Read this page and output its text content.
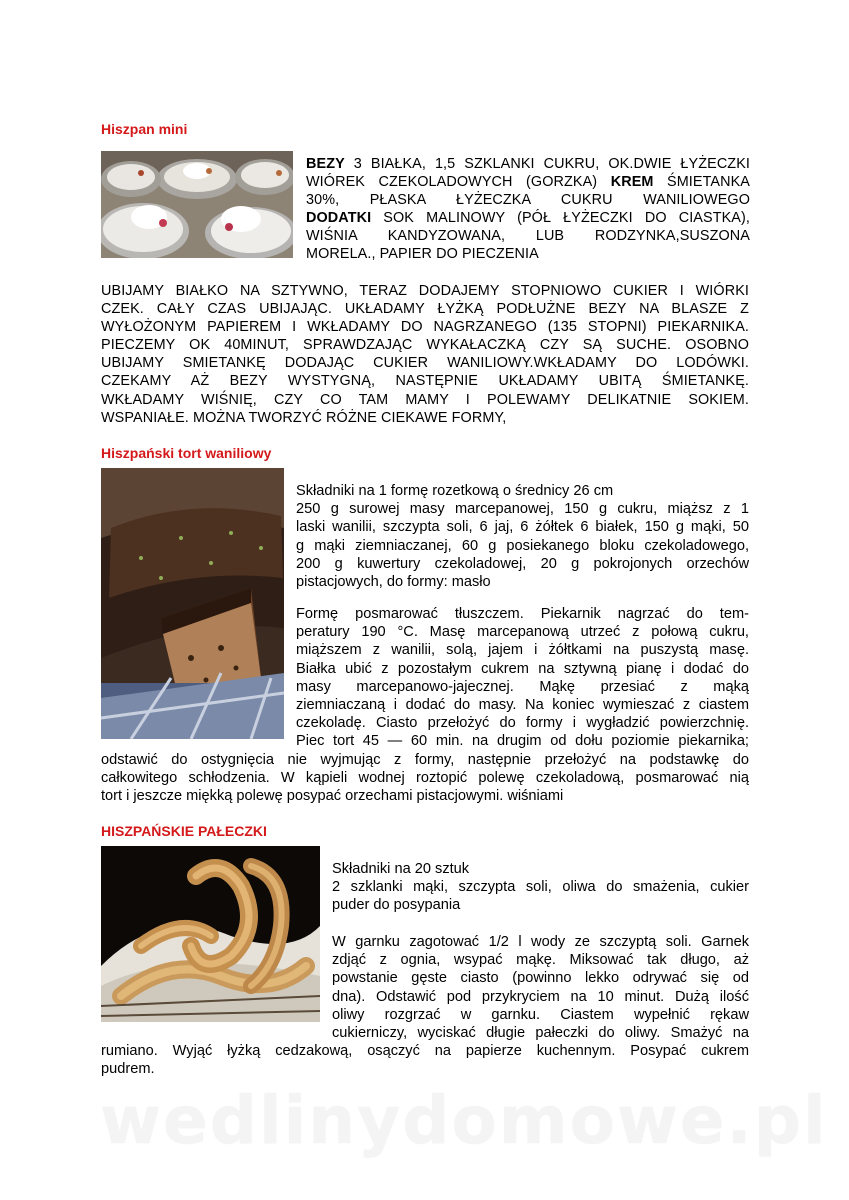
Hiszpan mini
BEZY 3 BIAŁKA, 1,5 SZKLANKI CUKRU, OK.DWIE ŁYŻECZKI
WIÓREK CZEKOLADOWYCH (GORZKA) KREM ŚMIETANKA
30%, PŁASKA ŁYŻECZKA CUKRU WANILIOWEGO
DODATKI SOK MALINOWY (PÓŁ ŁYŻECZKI DO CIASTKA),
WIŚNIA KANDYZOWANA, LUB RODZYNKA,SUSZONA
MORELA., PAPIER DO PIECZENIA
UBIJAMY BIAŁKO NA SZTYWNO, TERAZ DODAJEMY STOPNIOWO CUKIER I WIÓRKI
CZEK. CAŁY CZAS UBIJAJĄC. UKŁADAMY ŁYŻKĄ PODŁUŻNE BEZY NA BLASZE Z
WYŁOŻONYM PAPIEREM I WKŁADAMY DO NAGRZANEGO (135 STOPNI) PIEKARNIKA.
PIECZEMY OK 40MINUT, SPRAWDZAJĄC WYKAŁACZKĄ CZY SĄ SUCHE. OSOBNO
UBIJAMY SMIETANKĘ DODAJĄC CUKIER WANILIOWY.WKŁADAMY DO LODÓWKI.
CZEKAMY AŻ BEZY WYSTYGNĄ, NASTĘPNIE UKŁADAMY UBITĄ ŚMIETANKĘ.
WKŁADAMY WIŚNIĘ, CZY CO TAM MAMY I POLEWAMY DELIKATNIE SOKIEM.
WSPANIAŁE. MOŻNA TWORZYĆ RÓŻNE CIEKAWE FORMY,
Hiszpański tort waniliowy
Składniki na 1 formę rozetkową o średnicy 26 cm
250 g surowej masy marcepanowej, 150 g cukru, miąższ z 1
laski wanilii, szczypta soli, 6 jaj, 6 żółtek 6 białek, 150 g mąki, 50
g mąki ziemniaczanej, 60 g posiekanego bloku czekoladowego,
200 g kuwertury czekoladowej, 20 g pokrojonych orzechów
pistacjowych, do formy: masło
Formę posmarować tłuszczem. Piekarnik nagrzać do tem-
peratury 190 °C. Masę marcepanową utrzeć z połową cukru,
miąższem z wanilii, solą, jajem i żółtkami na puszystą masę.
Białka ubić z pozostałym cukrem na sztywną pianę i dodać do
masy marcepanowo-jajecznej. Mąkę przesiać z mąką
ziemniaczaną i dodać do masy. Na koniec wymieszać z ciastem
czekoladę. Ciasto przełożyć do formy i wygładzić powierzchnię.
Piec tort 45 — 60 min. na drugim od dołu poziomie piekarnika;
odstawić do ostygnięcia nie wyjmując z formy, następnie przełożyć na podstawkę do
całkowitego schłodzenia. W kąpieli wodnej roztopić polewę czekoladową, posmarować nią
tort i jeszcze miękką polewę posypać orzechami pistacjowymi. wiśniami
HISZPAŃSKIE PAŁECZKI
Składniki na 20 sztuk
2 szklanki mąki, szczypta soli, oliwa do smażenia, cukier
puder do posypania
W garnku zagotować 1/2 l wody ze szczyptą soli. Garnek
zdjąć z ognia, wsypać mąkę. Miksować tak długo, aż
powstanie gęste ciasto (powinno lekko odrywać się od
dna). Odstawić pod przykryciem na 10 minut. Dużą ilość
oliwy rozgrzać w garnku. Ciastem wypełnić rękaw
cukierniczy, wyciskać długie pałeczki do oliwy. Smażyć na
rumiano. Wyjąć łyżką cedzakową, osączyć na papierze kuchennym. Posypać cukrem
pudrem.
wedlinydomowe.pl
